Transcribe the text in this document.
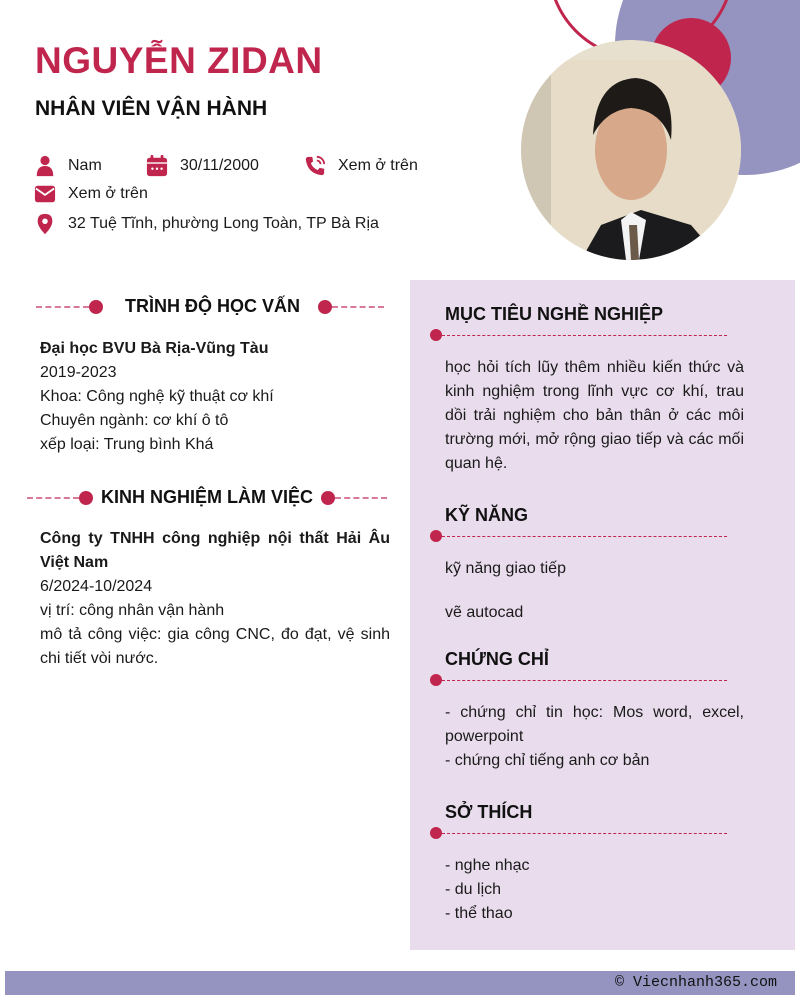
NGUYỄN ZIDAN
NHÂN VIÊN VẬN HÀNH
Nam	30/11/2000	Xem ở trên
Xem ở trên
32 Tuệ Tĩnh, phường Long Toàn, TP Bà Rịa
TRÌNH ĐỘ HỌC VẤN
Đại học BVU Bà Rịa-Vũng Tàu
2019-2023
Khoa: Công nghệ kỹ thuật cơ khí
Chuyên ngành: cơ khí ô tô
xếp loại: Trung bình Khá
KINH NGHIỆM LÀM VIỆC
Công ty TNHH công nghiệp nội thất Hải Âu Việt Nam
6/2024-10/2024
vị trí: công nhân vận hành
mô tả công việc: gia công CNC, đo đạt, vệ sinh chi tiết vòi nước.
MỤC TIÊU NGHỀ NGHIỆP
học hỏi tích lũy thêm nhiều kiến thức và kinh nghiệm trong lĩnh vực cơ khí, trau dồi trải nghiệm cho bản thân ở các môi trường mới, mở rộng giao tiếp và các mối quan hệ.
KỸ NĂNG
kỹ năng giao tiếp
vẽ autocad
CHỨNG CHỈ
- chứng chỉ tin học: Mos word, excel, powerpoint
- chứng chỉ tiếng anh cơ bản
SỞ THÍCH
- nghe nhạc
- du lịch
- thể thao
© Viecnhanh365.com
